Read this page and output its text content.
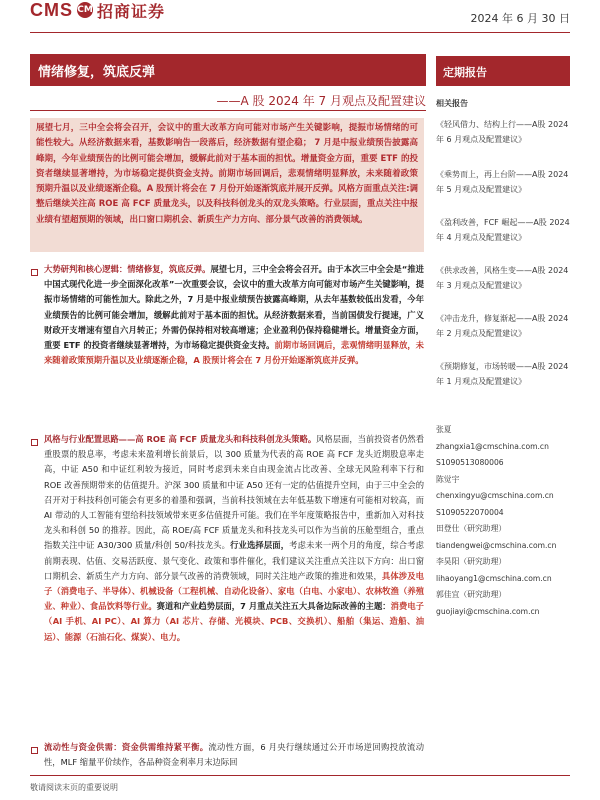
CMS CM 招商证券	2024 年 6 月 30 日
情绪修复，筑底反弹
——A 股 2024 年 7 月观点及配置建议
展望七月，三中全会将会召开，会议中的重大改革方向可能对市场产生关键影响，提振市场情绪的可能性较大。从经济数据来看，基数影响告一段落后，经济数据有望企稳； 7 月是中报业绩预告披露高峰期，今年业绩预告的比例可能会增加，缓解此前对于基本面的担忧。增量资金方面，重要 ETF 的投资者继续显著增持，为市场稳定提供资金支持。前期市场回调后，悲观情绪明显释放，未来随着政策预期升温以及业绩逐渐企稳。A 股预计将会在 7 月份开始逐渐筑底并展开反弹。风格方面重点关注:调整后继续关注高 ROE 高 FCF 质量龙头，以及科技科创龙头的双龙头策略。行业层面，重点关注中报业绩有望超预期的领域，出口窗口期机会、新质生产力方向、部分景气改善的消费领域。
大势研判和核心逻辑：情绪修复，筑底反弹。展望七月，三中全会将会召开。由于本次三中全会是“推进中国式现代化进一步全面深化改革”一次重要会议，会议中的重大改革方向可能对市场产生关键影响，提振市场情绪的可能性加大。除此之外，7 月是中报业绩预告披露高峰期，从去年基数较低出发看，今年业绩预告的比例可能会增加，缓解此前对于基本面的担忧。从经济数据来看，当前国债发行提速，广义财政开支增速有望自六月转正；外需仍保持相对较高增速；企业盈利仍保持稳健增长。增量资金方面，重要 ETF 的投资者继续显著增持，为市场稳定提供资金支持。前期市场回调后，悲观情绪明显释放，未来随着政策预期升温以及业绩逐渐企稳，A 股预计将会在 7 月份开始逐渐筑底并反弹。
风格与行业配置思路——高 ROE 高 FCF 质量龙头和科技科创龙头策略。风格层面，当前投资者仍然看重股票的股息率，考虑未来盈利增长前景后，以 300 质量为代表的高 ROE 高 FCF 龙头近期股息率走高，中证 A50 和中证红利较为接近，同时考虑到未来自由现金流占比改善、全球无风险利率下行和 ROE 改善预期带来的估值提升。沪深 300 质量和中证 A50 还有一定的估值提升空间，由于三中全会的召开对于科技科创可能会有更多的着墨和强调，当前科技领域在去年低基数下增速有可能相对较高，而 AI 带动的人工智能有望给科技领域带来更多估值提升可能。我们在半年度策略报告中，重新加入对科技龙头和科创 50 的推荐。因此，高 ROE/高 FCF 质量龙头和科技龙头可以作为当前的压舱型组合，重点指数关注中证 A30/300 质量/科创 50/科技龙头。行业选择层面，考虑未来一两个月的角度，综合考虑前期表现、估值、交易活跃度、景气变化、政策和事件催化，我们建议关注重点关注以下方向：出口窗口期机会、新质生产力方向、部分景气改善的消费领域，同时关注地产政策的推进和效果，具体涉及电子（消费电子、半导体）、机械设备（工程机械、自动化设备）、家电（白电、小家电）、农林牧渔（养殖业、种业）、食品饮料等行业。赛道和产业趋势层面，7 月重点关注五大具备边际改善的主题：消费电子（AI 手机、AI PC）、AI 算力（AI 芯片、存储、光模块、PCB、交换机）、船舶（集运、造船、油运）、能源（石油石化、煤炭）、电力。
流动性与资金供需：资金供需维持紧平衡。流动性方面，6 月央行继续通过公开市场逆回购投放流动性，MLF 缩量平价续作，各品种资金利率月末边际回
定期报告
相关报告
《轻风借力、结构上行——A股 2024 年 6 月观点及配置建议》
《乘势而上，再上台阶——A股 2024 年 5 月观点及配置建议》
《盈利改善，FCF 崛起——A股 2024 年 4 月观点及配置建议》
《供求改善，风格生变——A股 2024 年 3 月观点及配置建议》
《冲击龙升，修复渐起——A股 2024 年 2 月观点及配置建议》
《预期修复，市场转暖——A股 2024 年 1 月观点及配置建议》
张夏
zhangxia1@cmschina.com.cn
S1090513080006
陈觉宇
chenxingyu@cmschina.com.cn
S1090522070004
田登仕（研究助理）
tiandengwei@cmschina.com.cn
李昊阳（研究助理）
lihaoyang1@cmschina.com.cn
郭佳宜（研究助理）
guojiayi@cmschina.com.cn
敬请阅读末页的重要说明
